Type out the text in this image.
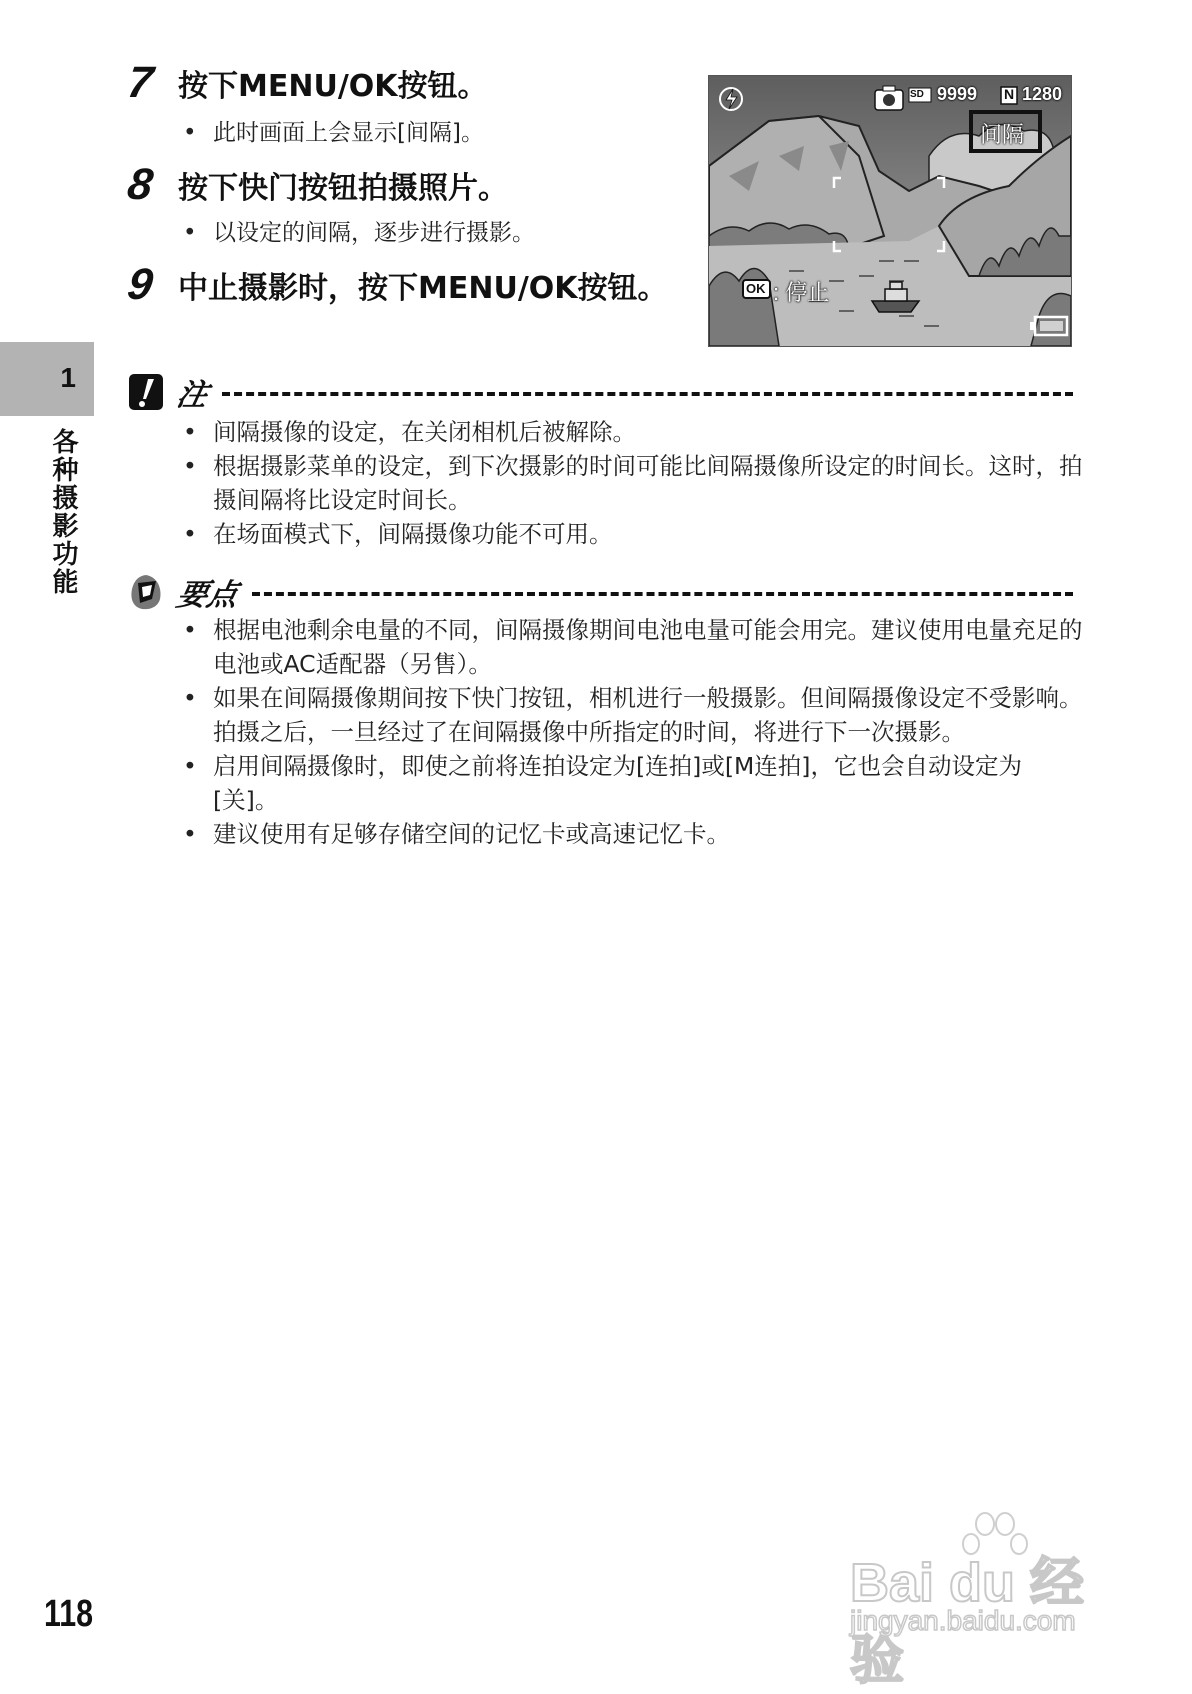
7 按下MENU/OK按钮。
• 此时画面上会显示[间隔]。
8 按下快门按钮拍摄照片。
• 以设定的间隔，逐步进行摄影。
9 中止摄影时，按下MENU/OK按钮。
SD 9999 N 1280
间隔
OK : 停止
1
各种摄影功能
注
• 间隔摄像的设定，在关闭相机后被解除。
• 根据摄影菜单的设定，到下次摄影的时间可能比间隔摄像所设定的时间长。这时，拍摄间隔将比设定时间长。
• 在场面模式下，间隔摄像功能不可用。
要点
• 根据电池剩余电量的不同，间隔摄像期间电池电量可能会用完。建议使用电量充足的电池或AC适配器（另售）。
• 如果在间隔摄像期间按下快门按钮，相机进行一般摄影。但间隔摄像设定不受影响。拍摄之后，一旦经过了在间隔摄像中所指定的时间，将进行下一次摄影。
• 启用间隔摄像时，即使之前将连拍设定为[连拍]或[M连拍]，它也会自动设定为[关]。
• 建议使用有足够存储空间的记忆卡或高速记忆卡。
118
Bai du 经验
jingyan.baidu.com
